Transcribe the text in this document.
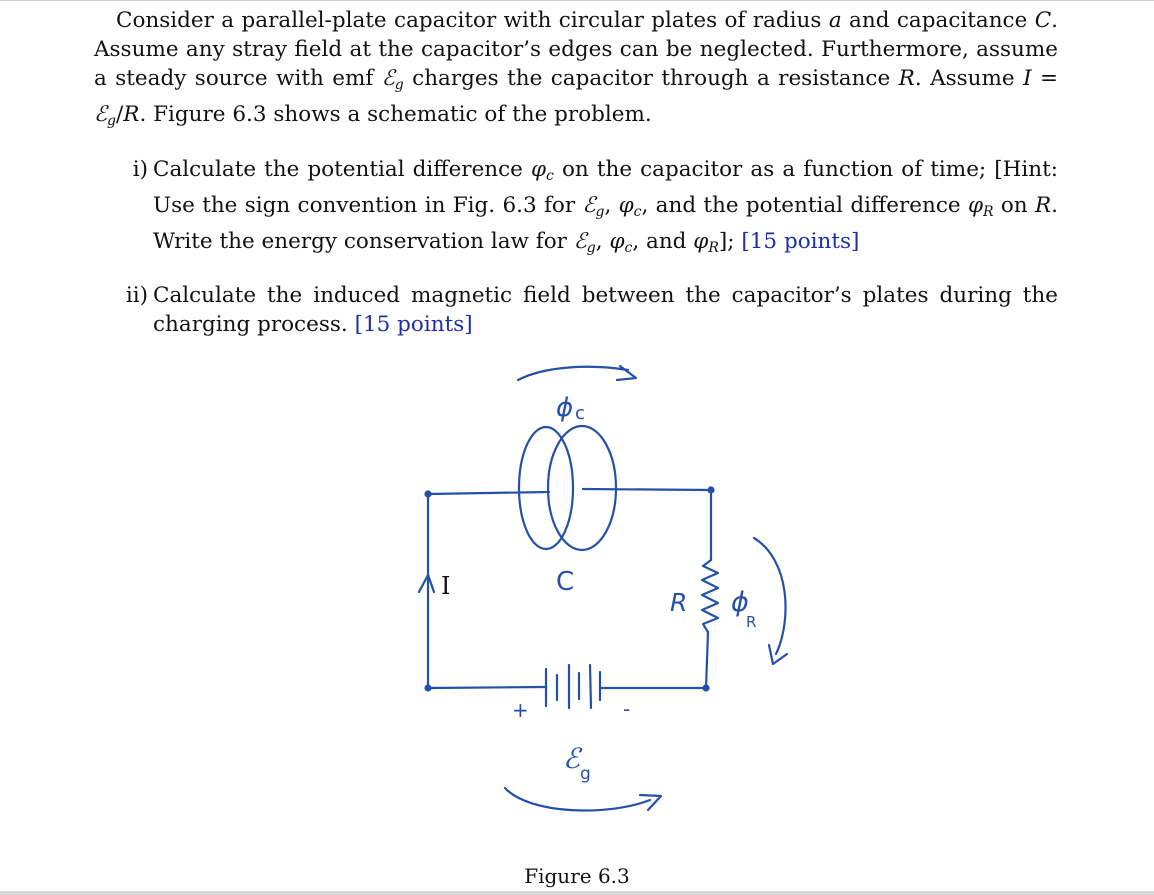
Consider a parallel-plate capacitor with circular plates of radius a and capacitance C. Assume any stray field at the capacitor’s edges can be neglected. Furthermore, assume a steady source with emf ℰ$_g$ charges the capacitor through a resistance R. Assume I = ℰ$_g$/R. Figure 6.3 shows a schematic of the problem.

i) Calculate the potential difference $\varphi_c$ on the capacitor as a function of time; [Hint: Use the sign convention in Fig. 6.3 for ℰ$_g$, $\varphi_c$, and the potential difference $\varphi_R$ on R. Write the energy conservation law for ℰ$_g$, $\varphi_c$, and $\varphi_R$]; [15 points]

ii) Calculate the induced magnetic field between the capacitor’s plates during the charging process. [15 points]

ϕ c
C
I
R ϕ
R
+	-
ℰ g
Figure 6.3
